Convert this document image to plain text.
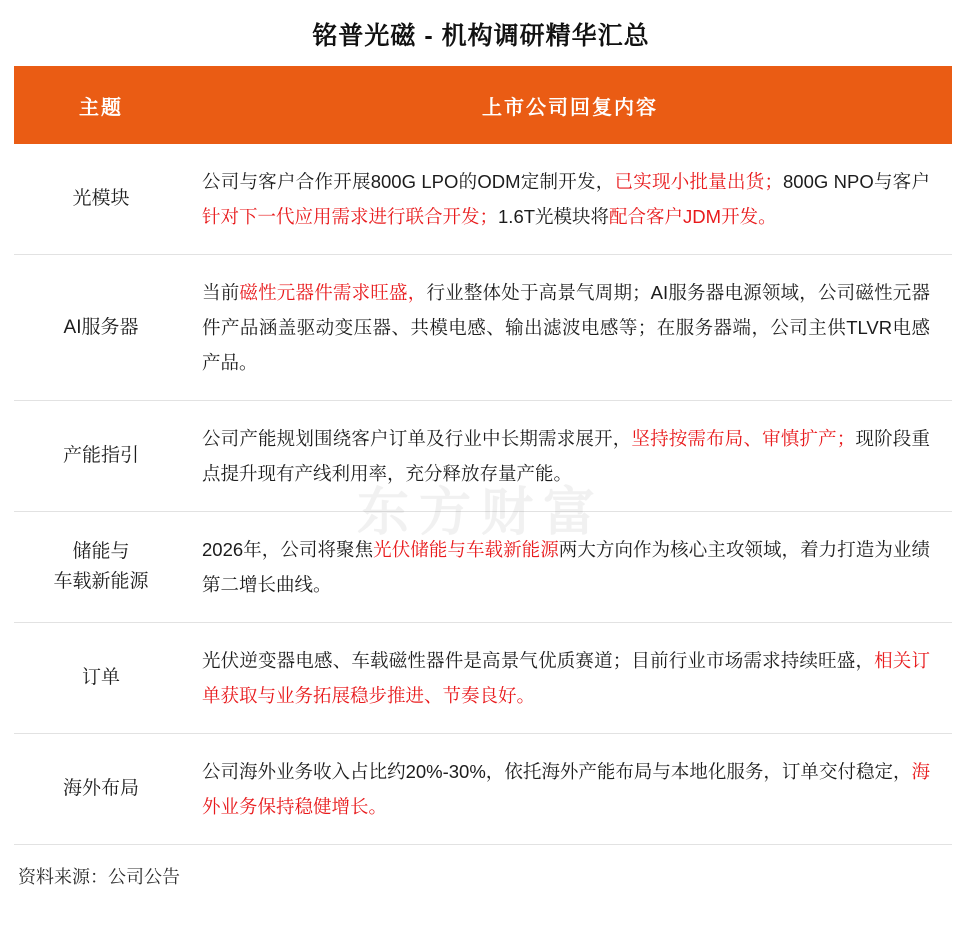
铭普光磁 - 机构调研精华汇总
东方财富
主题	上市公司回复内容

光模块	公司与客户合作开展800G LPO的ODM定制开发，已实现小批量出货；800G NPO与客户针对下一代应用需求进行联合开发；1.6T光模块将配合客户JDM开发。

AI服务器	当前磁性元器件需求旺盛，行业整体处于高景气周期；AI服务器电源领域，公司磁性元器件产品涵盖驱动变压器、共模电感、输出滤波电感等；在服务器端，公司主供TLVR电感产品。

产能指引	公司产能规划围绕客户订单及行业中长期需求展开，坚持按需布局、审慎扩产；现阶段重点提升现有产线利用率，充分释放存量产能。

储能与
车载新能源	2026年，公司将聚焦光伏储能与车载新能源两大方向作为核心主攻领域，着力打造为业绩第二增长曲线。

订单	光伏逆变器电感、车载磁性器件是高景气优质赛道；目前行业市场需求持续旺盛，相关订单获取与业务拓展稳步推进、节奏良好。

海外布局	公司海外业务收入占比约20%-30%，依托海外产能布局与本地化服务，订单交付稳定，海外业务保持稳健增长。
资料来源：公司公告
